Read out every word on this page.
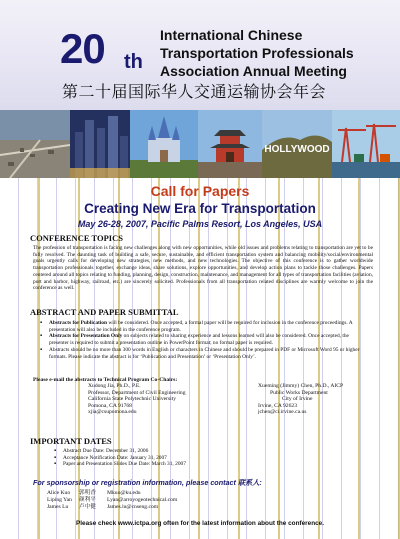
20 th
International Chinese
Transportation Professionals
Association Annual Meeting
第二十届国际华人交通运输协会年会
HOLLYWOOD
Call for Papers
Creating New Era for Transportation
May 26-28, 2007, Pacific Palms Resort, Los Angeles, USA
CONFERENCE TOPICS
The profession of transportation is facing new challenges along with new opportunities, while old issues and problems relating to transportation are yet to be fully resolved. The daunting task of building a safe, secure, sustainable, and efficient transportation system and balancing mobility/social/environmental goals urgently calls for developing new strategies, new methods, and new technologies. The objective of this conference is to gather worldwide transportation professionals together, exchange ideas, share solutions, explore opportunities, and develop action plans to tackle those challenges. Papers centered around all topics relating to funding, planning, design, construction, maintenance, and management for all types of transportation facilities (aviation, port and harbor, highway, railroad, etc.) are sincerely solicited. Professionals from all transportation related disciplines are warmly welcome to join the conference as well.
ABSTRACT AND PAPER SUBMITTAL
▪ Abstracts for Publication will be considered. Once accepted, a formal paper will be required for inclusion in the conference proceedings. A presentation will also be included in the conference program.
▪ Abstracts for Presentation Only on subjects related to sharing experience and lessons learned will also be considered. Once accepted, the presenter is required to submit a presentation outline in PowerPoint format; no formal paper is required.
▪ Abstracts should be no more than 300 words in English or characters in Chinese and should be prepared in PDF or Microsoft Word 95 or higher formats. Please indicate the abstract is for ‘Publication and Presentation’ or ‘Presentation Only’.
Please e-mail the abstracts to Technical Program Co-Chairs:
Xudong Jia, Ph.D., P.E.
Professor, Department of Civil Engineering
California State Polytechnic University
Pomona, CA 91768
xjia@csupomona.edu
Xueming (Jimmy) Chen, Ph.D., AICP
Public Works Department
City of Irvine
Irvine, CA 92623
jchen@ci.irvine.ca.us
IMPORTANT DATES
▪ Abstract Due Date: December 31, 2006
▪ Acceptance Notification Date: January 31, 2007
▪ Paper and Presentation Slides Due Date: March 31, 2007
For sponsorship or registration information, please contact 联系人:
Alice Kuo 郭明香 Mkuo@ku.edu
Liping Yan 颜利平 Lyan@arroyogeotechnical.com
James Lu 卢中健 James.lu@cnseng.com
Please check www.ictpa.org often for the latest information about the conference.
